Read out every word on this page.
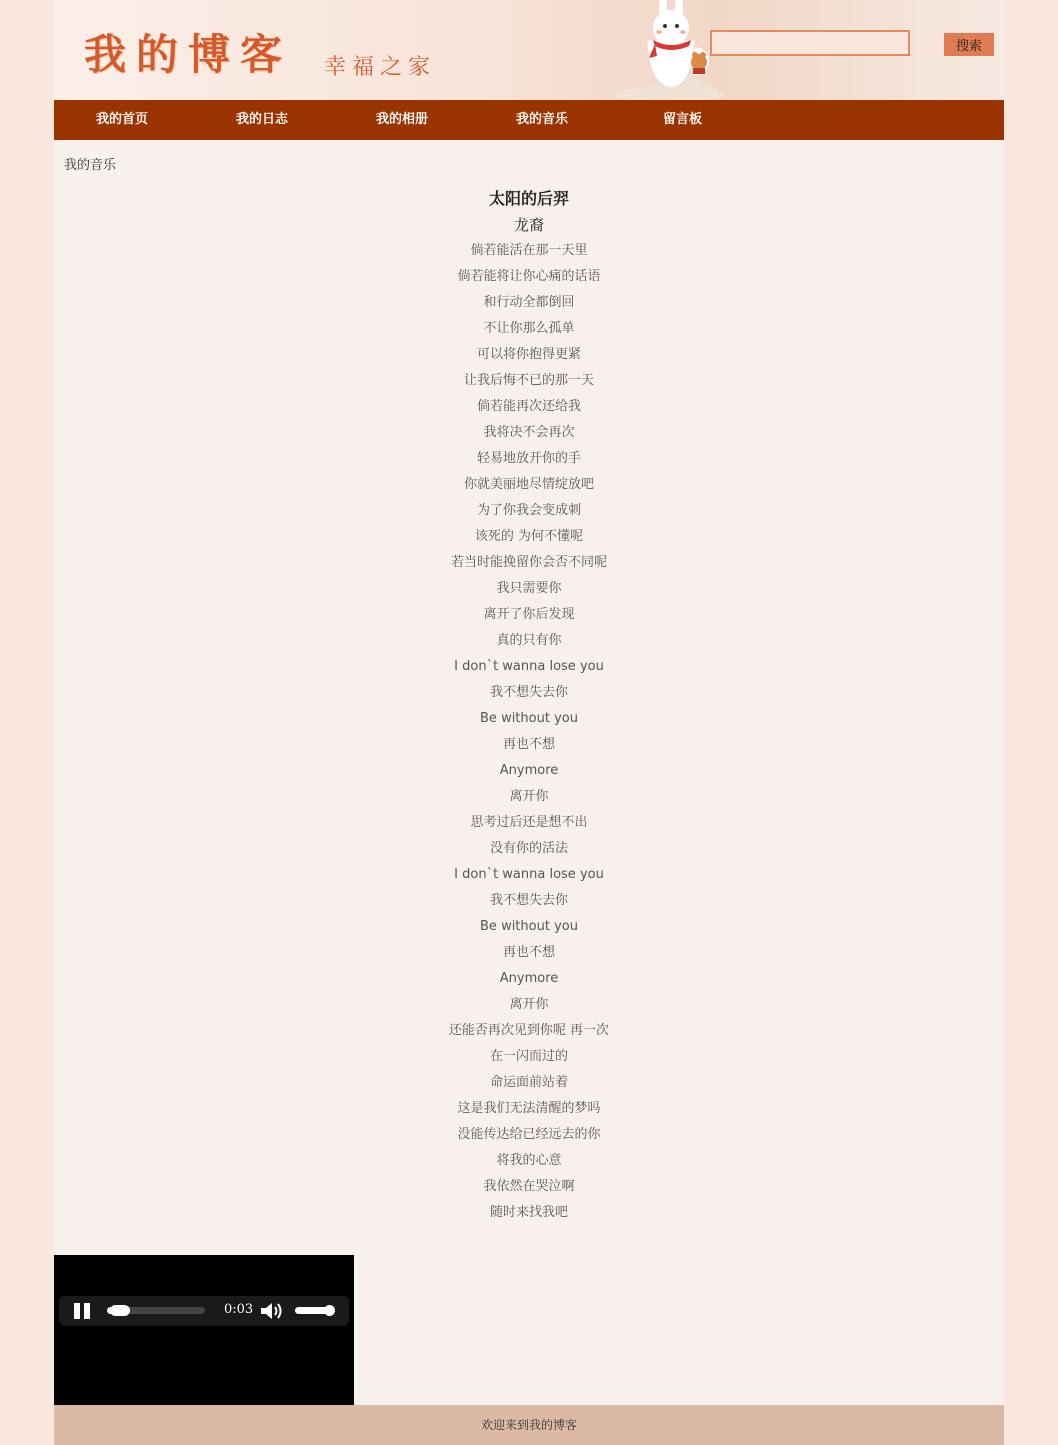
我的博客 幸福之家
搜索
我的首页	我的日志	我的相册	我的音乐	留言板
我的音乐

太阳的后羿

龙裔

倘若能活在那一天里

倘若能将让你心痛的话语

和行动全都倒回

不让你那么孤单

可以将你抱得更紧

让我后悔不已的那一天

倘若能再次还给我

我将决不会再次

轻易地放开你的手

你就美丽地尽情绽放吧

为了你我会变成刺

该死的 为何不懂呢

若当时能挽留你会否不同呢

我只需要你

离开了你后发现

真的只有你

I don`t wanna lose you

我不想失去你

Be without you

再也不想

Anymore

离开你

思考过后还是想不出

没有你的活法

I don`t wanna lose you

我不想失去你

Be without you

再也不想

Anymore

离开你

还能否再次见到你呢 再一次

在一闪而过的

命运面前站着

这是我们无法清醒的梦吗

没能传达给已经远去的你

将我的心意

我依然在哭泣啊

随时来找我吧

0:03
欢迎来到我的博客
